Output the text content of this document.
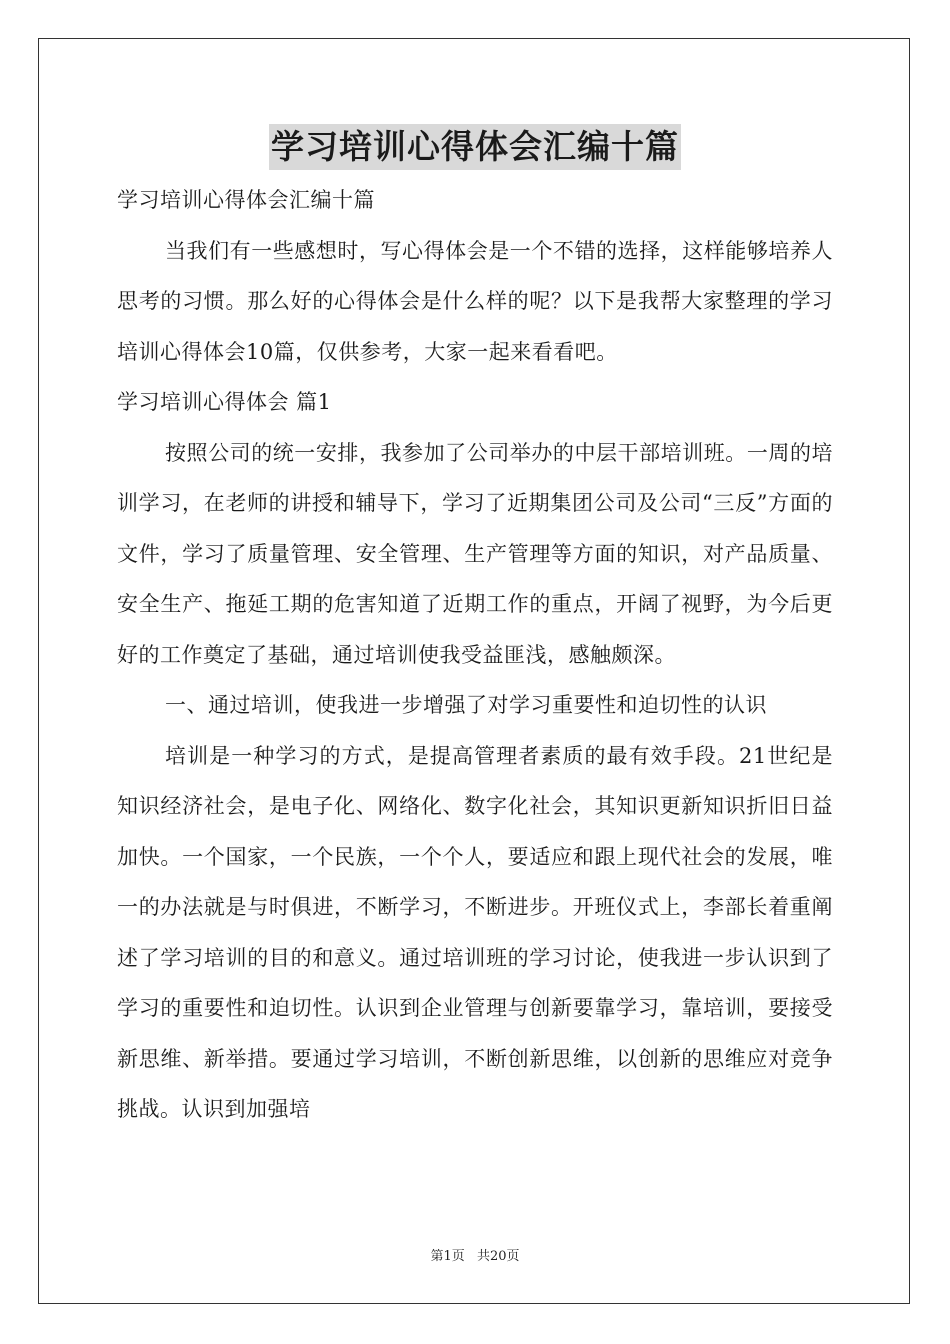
学习培训心得体会汇编十篇

学习培训心得体会汇编十篇

当我们有一些感想时，写心得体会是一个不错的选择，这样能够培养人思考的习惯。那么好的心得体会是什么样的呢？以下是我帮大家整理的学习培训心得体会10篇，仅供参考，大家一起来看看吧。

学习培训心得体会 篇1

按照公司的统一安排，我参加了公司举办的中层干部培训班。一周的培训学习，在老师的讲授和辅导下，学习了近期集团公司及公司“三反”方面的文件，学习了质量管理、安全管理、生产管理等方面的知识，对产品质量、安全生产、拖延工期的危害知道了近期工作的重点，开阔了视野，为今后更好的工作奠定了基础，通过培训使我受益匪浅，感触颇深。

一、通过培训，使我进一步增强了对学习重要性和迫切性的认识

培训是一种学习的方式，是提高管理者素质的最有效手段。21世纪是知识经济社会，是电子化、网络化、数字化社会，其知识更新知识折旧日益加快。一个国家，一个民族，一个个人，要适应和跟上现代社会的发展，唯一的办法就是与时俱进，不断学习，不断进步。开班仪式上，李部长着重阐述了学习培训的目的和意义。通过培训班的学习讨论，使我进一步认识到了学习的重要性和迫切性。认识到企业管理与创新要靠学习，靠培训，要接受新思维、新举措。要通过学习培训，不断创新思维，以创新的思维应对竞争挑战。认识到加强培

第1页 共20页
